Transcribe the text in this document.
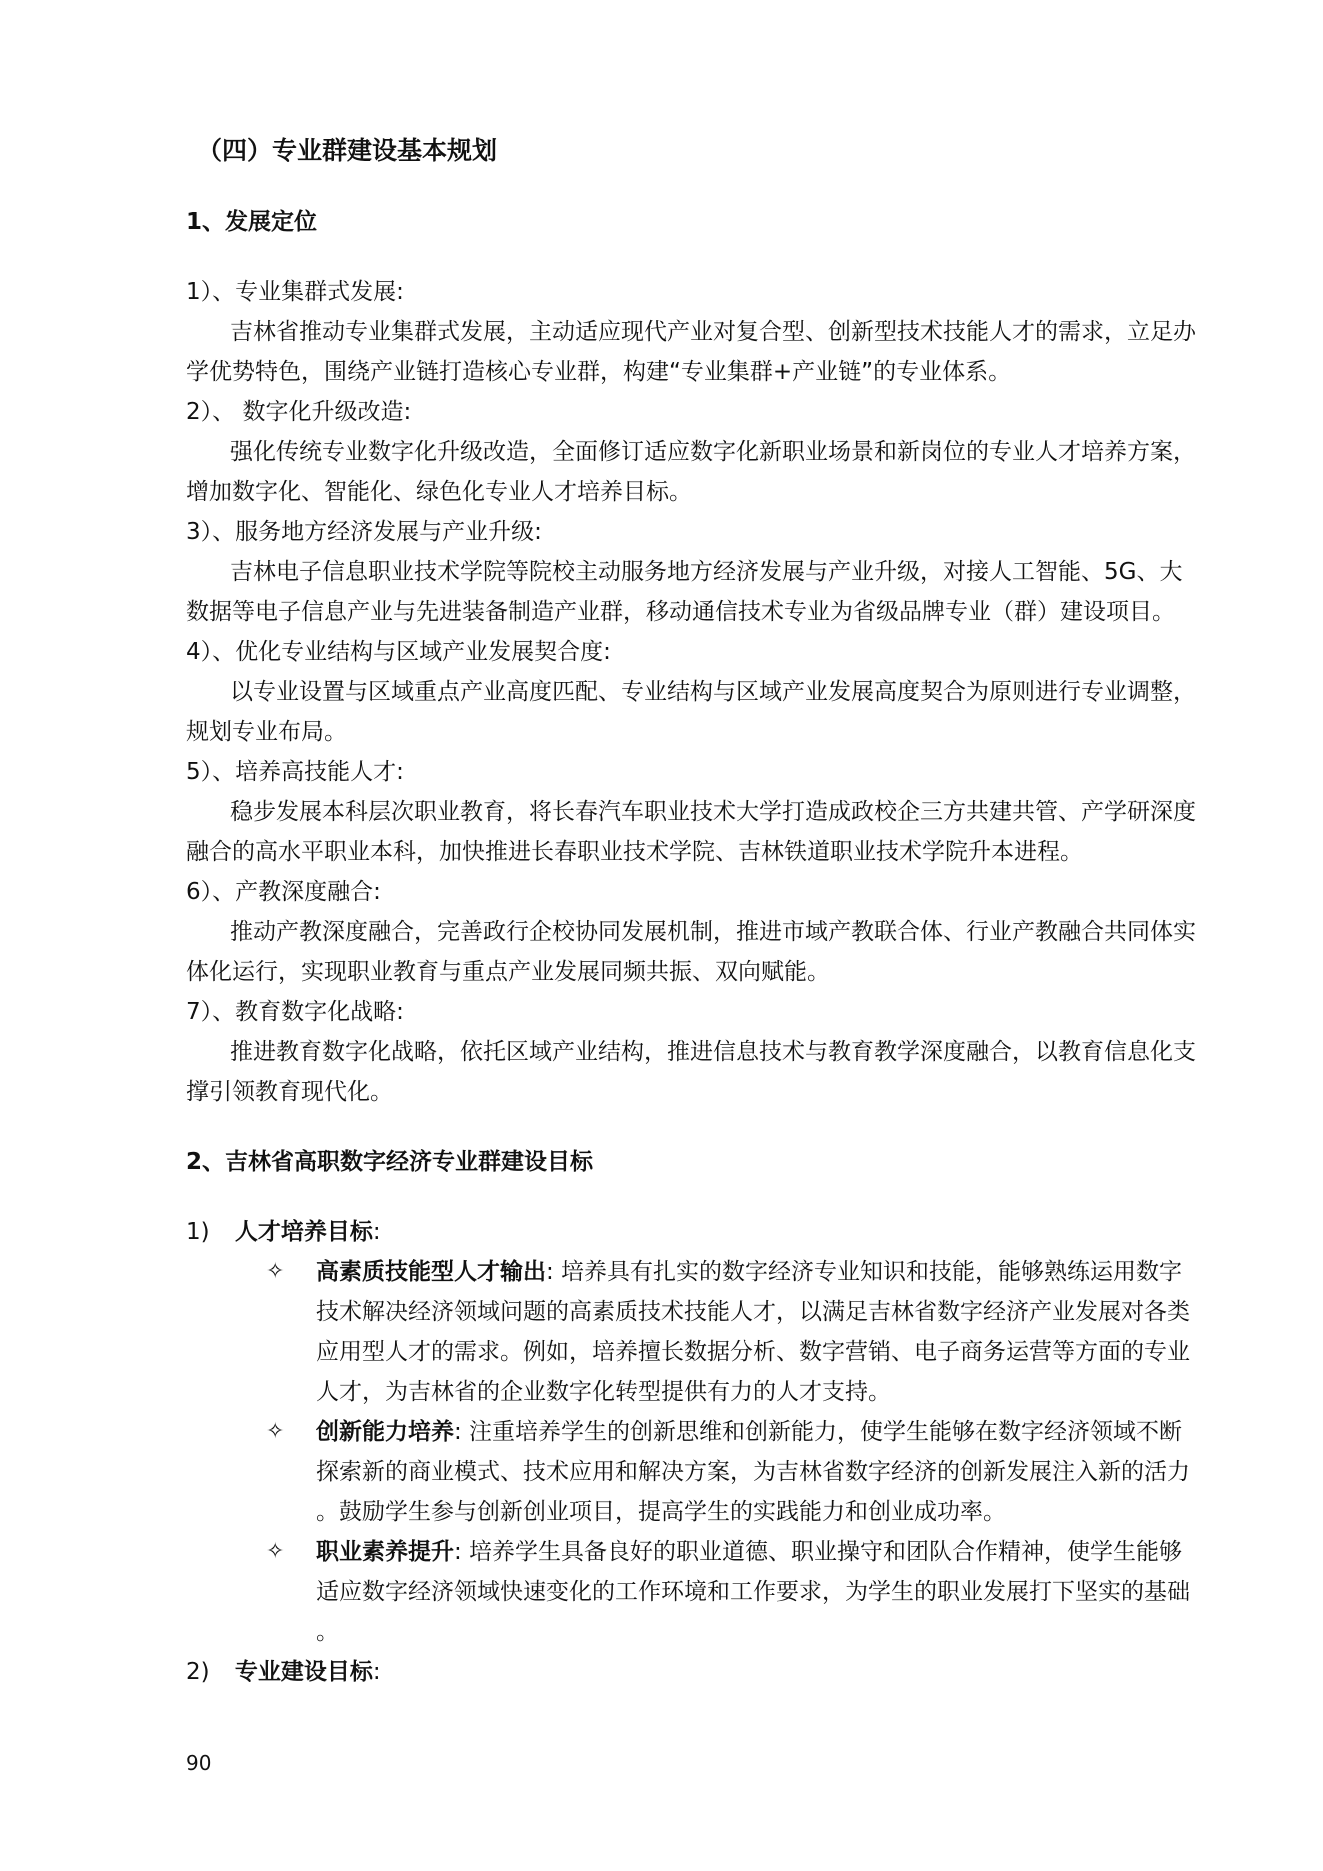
（四）专业群建设基本规划
1、发展定位
1）、专业集群式发展:
吉林省推动专业集群式发展，主动适应现代产业对复合型、创新型技术技能人才的需求，立足办
学优势特色，围绕产业链打造核心专业群，构建“专业集群+产业链”的专业体系。
2）、 数字化升级改造:
强化传统专业数字化升级改造，全面修订适应数字化新职业场景和新岗位的专业人才培养方案，
增加数字化、智能化、绿色化专业人才培养目标。
3）、服务地方经济发展与产业升级:
吉林电子信息职业技术学院等院校主动服务地方经济发展与产业升级，对接人工智能、5G、大
数据等电子信息产业与先进装备制造产业群，移动通信技术专业为省级品牌专业（群）建设项目。
4）、优化专业结构与区域产业发展契合度:
以专业设置与区域重点产业高度匹配、专业结构与区域产业发展高度契合为原则进行专业调整，
规划专业布局。
5）、培养高技能人才:
稳步发展本科层次职业教育，将长春汽车职业技术大学打造成政校企三方共建共管、产学研深度
融合的高水平职业本科，加快推进长春职业技术学院、吉林铁道职业技术学院升本进程。
6）、产教深度融合:
推动产教深度融合，完善政行企校协同发展机制，推进市域产教联合体、行业产教融合共同体实
体化运行，实现职业教育与重点产业发展同频共振、双向赋能。
7）、教育数字化战略:
推进教育数字化战略，依托区域产业结构，推进信息技术与教育教学深度融合，以教育信息化支
撑引领教育现代化。
2、吉林省高职数字经济专业群建设目标
1) 人才培养目标:
✧ 高素质技能型人才输出: 培养具有扎实的数字经济专业知识和技能，能够熟练运用数字
技术解决经济领域问题的高素质技术技能人才，以满足吉林省数字经济产业发展对各类
应用型人才的需求。例如，培养擅长数据分析、数字营销、电子商务运营等方面的专业
人才，为吉林省的企业数字化转型提供有力的人才支持。
✧ 创新能力培养: 注重培养学生的创新思维和创新能力，使学生能够在数字经济领域不断
探索新的商业模式、技术应用和解决方案，为吉林省数字经济的创新发展注入新的活力
。鼓励学生参与创新创业项目，提高学生的实践能力和创业成功率。
✧ 职业素养提升: 培养学生具备良好的职业道德、职业操守和团队合作精神，使学生能够
适应数字经济领域快速变化的工作环境和工作要求，为学生的职业发展打下坚实的基础
。
2) 专业建设目标:
90
